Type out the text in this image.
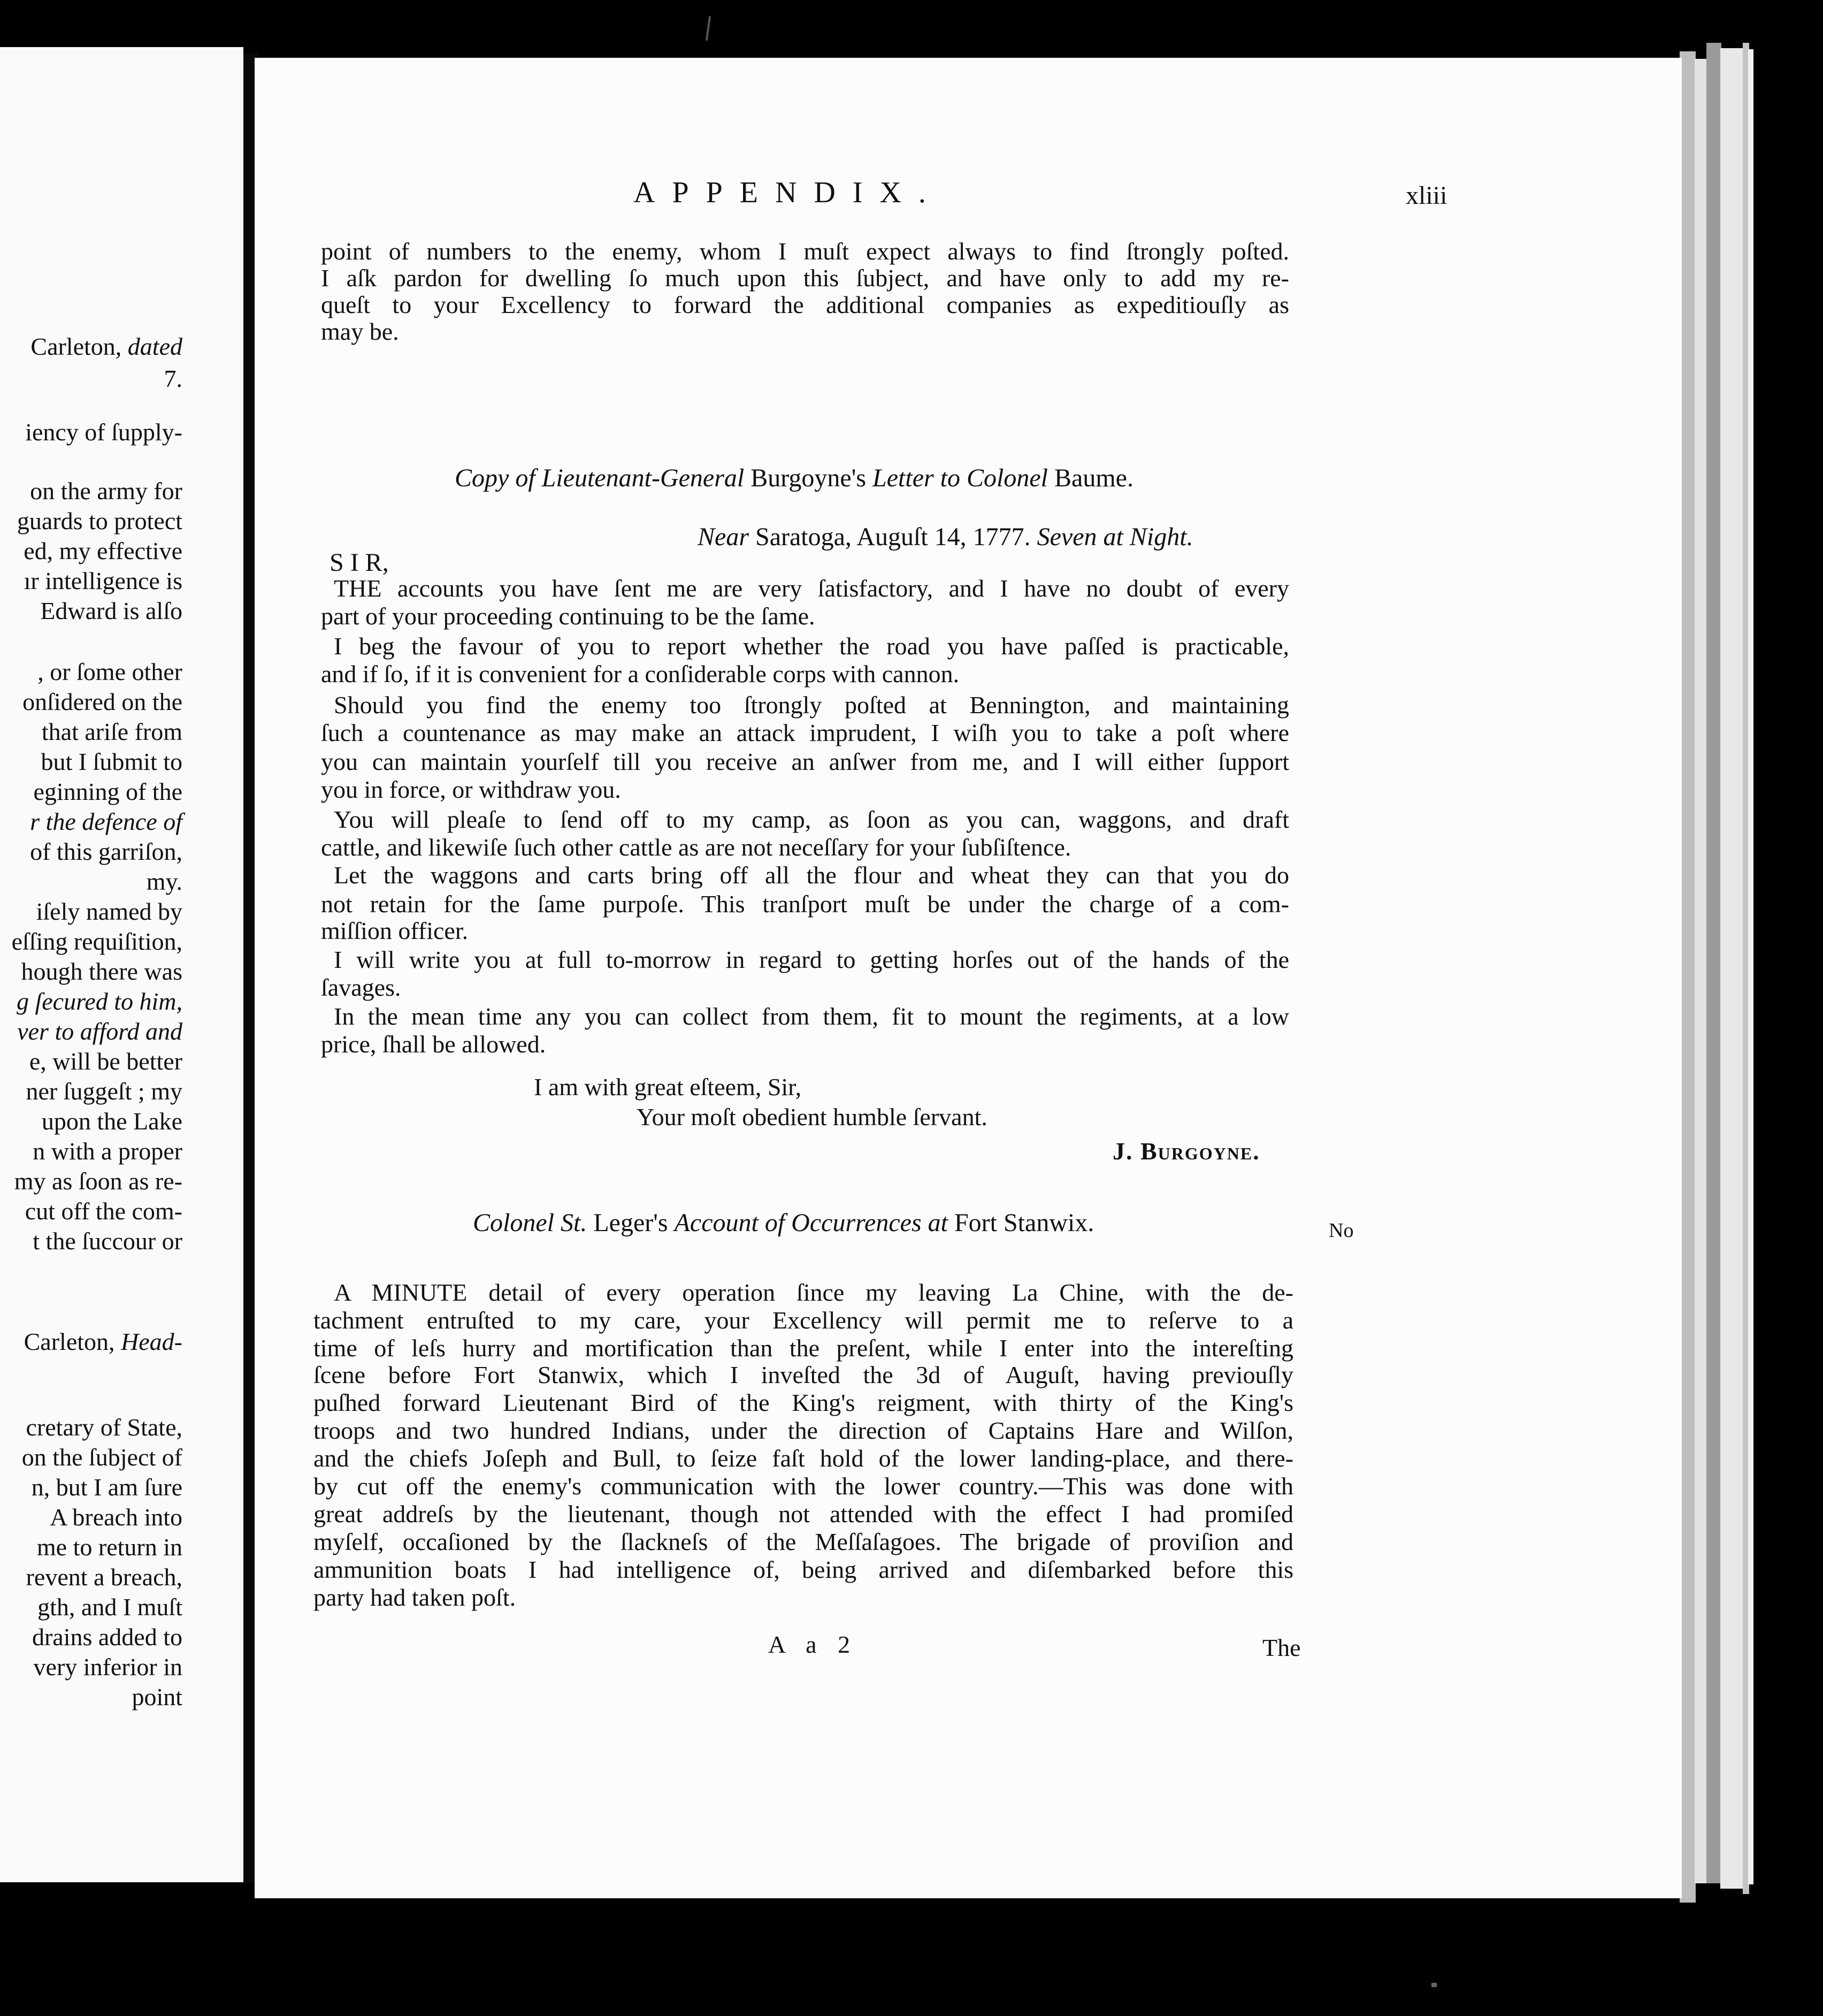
Carleton, dated
7.
iency of ſupply-
on the army for
guards to protect
ed, my effective
ır intelligence is
Edward is alſo
, or ſome other
onſidered on the
that ariſe from
but I ſubmit to
eginning of the
r the defence of
of this garriſon,
my.
iſely named by
eſſing requiſition,
hough there was
g ſecured to him,
ver to afford and
e, will be better
ner ſuggeſt ; my
upon the Lake
n with a proper
my as ſoon as re-
cut off the com-
t the ſuccour or
Carleton, Head-
cretary of State,
on the ſubject of
n, but I am ſure
A breach into
me to return in
revent a breach,
gth, and I muſt
drains added to
very inferior in
point
APPENDIX.	xliii
point of numbers to the enemy, whom I muſt expect always to find ſtrongly poſted.
I aſk pardon for dwelling ſo much upon this ſubject, and have only to add my re-
queſt to your Excellency to forward the additional companies as expeditiouſly as
may be.
Copy of Lieutenant-General Burgoyne's Letter to Colonel Baume.
Near Saratoga, Auguſt 14, 1777. Seven at Night.
S I R,
THE accounts you have ſent me are very ſatisfactory, and I have no doubt of every
part of your proceeding continuing to be the ſame.
I beg the favour of you to report whether the road you have paſſed is practicable,
and if ſo, if it is convenient for a conſiderable corps with cannon.
Should you find the enemy too ſtrongly poſted at Bennington, and maintaining
ſuch a countenance as may make an attack imprudent, I wiſh you to take a poſt where
you can maintain yourſelf till you receive an anſwer from me, and I will either ſupport
you in force, or withdraw you.
You will pleaſe to ſend off to my camp, as ſoon as you can, waggons, and draft
cattle, and likewiſe ſuch other cattle as are not neceſſary for your ſubſiſtence.
Let the waggons and carts bring off all the flour and wheat they can that you do
not retain for the ſame purpoſe. This tranſport muſt be under the charge of a com-
miſſion officer.
I will write you at full to-morrow in regard to getting horſes out of the hands of the
ſavages.
In the mean time any you can collect from them, fit to mount the regiments, at a low
price, ſhall be allowed.
I am with great eſteem, Sir,
Your moſt obedient humble ſervant.
J. Burgoyne.
Colonel St. Leger's Account of Occurrences at Fort Stanwix.	No
A MINUTE detail of every operation ſince my leaving La Chine, with the de-
tachment entruſted to my care, your Excellency will permit me to reſerve to a
time of leſs hurry and mortification than the preſent, while I enter into the intereſting
ſcene before Fort Stanwix, which I inveſted the 3d of Auguſt, having previouſly
puſhed forward Lieutenant Bird of the King's reigment, with thirty of the King's
troops and two hundred Indians, under the direction of Captains Hare and Wilſon,
and the chiefs Joſeph and Bull, to ſeize faſt hold of the lower landing-place, and there-
by cut off the enemy's communication with the lower country.—This was done with
great addreſs by the lieutenant, though not attended with the effect I had promiſed
myſelf, occaſioned by the ſlackneſs of the Meſſaſagoes. The brigade of proviſion and
ammunition boats I had intelligence of, being arrived and diſembarked before this
party had taken poſt.
A a 2	The
